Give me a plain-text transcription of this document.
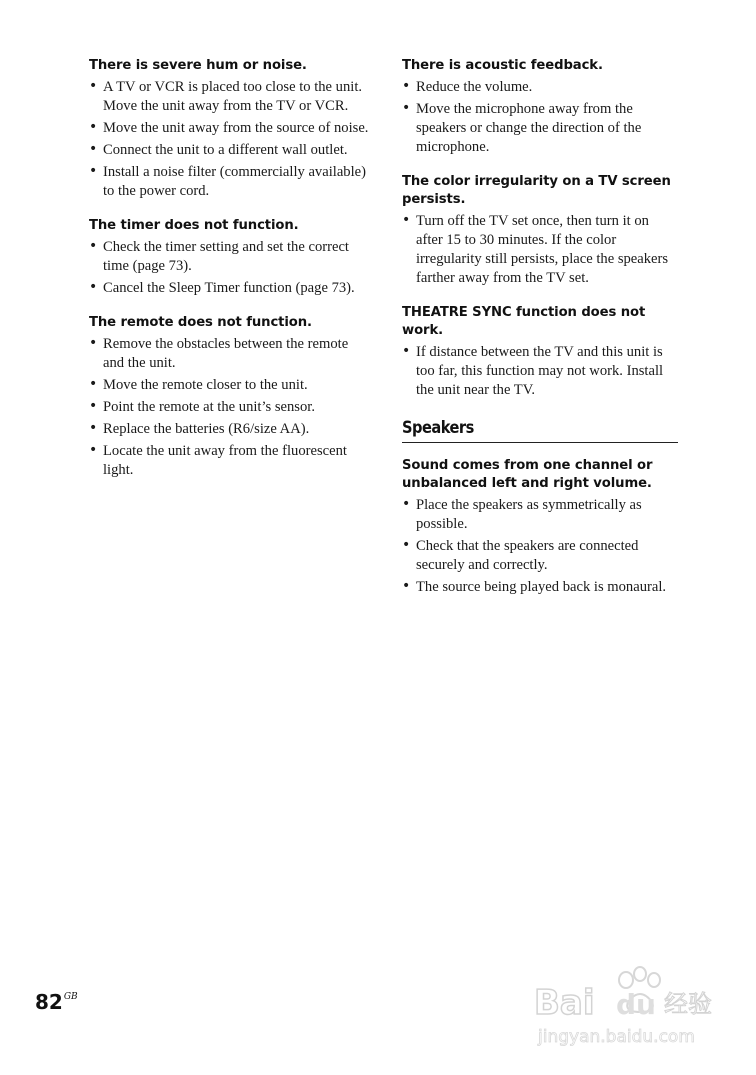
There is severe hum or noise.
• A TV or VCR is placed too close to the unit. Move the unit away from the TV or VCR.
• Move the unit away from the source of noise.
• Connect the unit to a different wall outlet.
• Install a noise filter (commercially available) to the power cord.
The timer does not function.
• Check the timer setting and set the correct time (page 73).
• Cancel the Sleep Timer function (page 73).
The remote does not function.
• Remove the obstacles between the remote and the unit.
• Move the remote closer to the unit.
• Point the remote at the unit’s sensor.
• Replace the batteries (R6/size AA).
• Locate the unit away from the fluorescent light.
There is acoustic feedback.
• Reduce the volume.
• Move the microphone away from the speakers or change the direction of the microphone.
The color irregularity on a TV screen persists.
• Turn off the TV set once, then turn it on after 15 to 30 minutes. If the color irregularity still persists, place the speakers farther away from the TV set.
THEATRE SYNC function does not work.
• If distance between the TV and this unit is too far, this function may not work. Install the unit near the TV.
Speakers
Sound comes from one channel or unbalanced left and right volume.
• Place the speakers as symmetrically as possible.
• Check that the speakers are connected securely and correctly.
• The source being played back is monaural.
$82^{GB}$	Bai du 经验
jingyan.baidu.com
